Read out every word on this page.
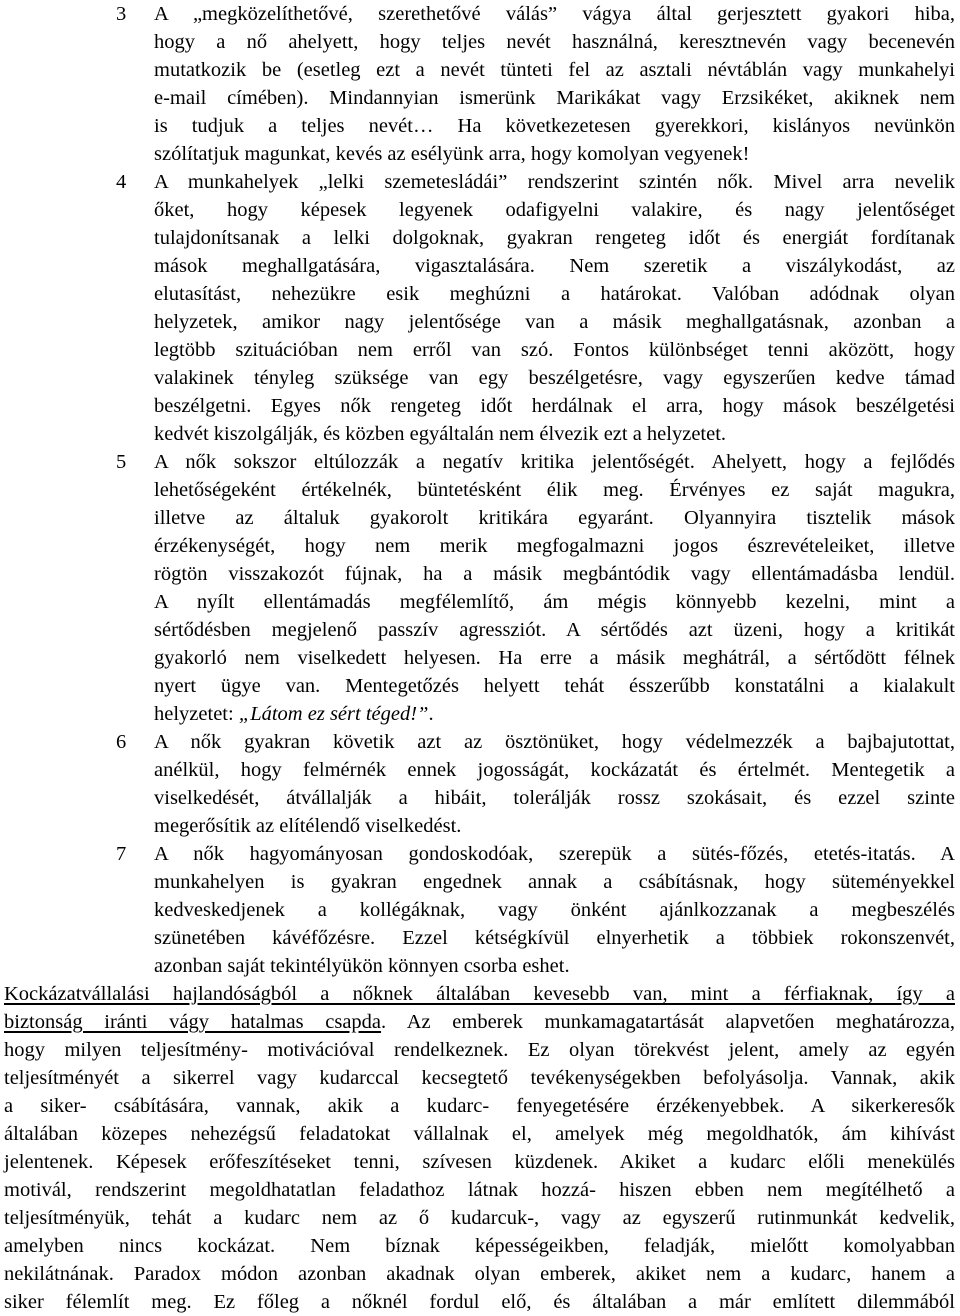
3 A „megközelíthetővé, szerethetővé válás” vágya által gerjesztett gyakori hiba,
hogy a nő ahelyett, hogy teljes nevét használná, keresztnevén vagy becenevén
mutatkozik be (esetleg ezt a nevét tünteti fel az asztali névtáblán vagy munkahelyi
e-mail címében). Mindannyian ismerünk Marikákat vagy Erzsikéket, akiknek nem
is tudjuk a teljes nevét… Ha következetesen gyerekkori, kislányos nevünkön
szólítatjuk magunkat, kevés az esélyünk arra, hogy komolyan vegyenek!
4 A munkahelyek „lelki szemetesládái” rendszerint szintén nők. Mivel arra nevelik
őket, hogy képesek legyenek odafigyelni valakire, és nagy jelentőséget
tulajdonítsanak a lelki dolgoknak, gyakran rengeteg időt és energiát fordítanak
mások meghallgatására, vigasztalására. Nem szeretik a viszálykodást, az
elutasítást, nehezükre esik meghúzni a határokat. Valóban adódnak olyan
helyzetek, amikor nagy jelentősége van a másik meghallgatásnak, azonban a
legtöbb szituációban nem erről van szó. Fontos különbséget tenni aközött, hogy
valakinek tényleg szüksége van egy beszélgetésre, vagy egyszerűen kedve támad
beszélgetni. Egyes nők rengeteg időt herdálnak el arra, hogy mások beszélgetési
kedvét kiszolgálják, és közben egyáltalán nem élvezik ezt a helyzetet.
5 A nők sokszor eltúlozzák a negatív kritika jelentőségét. Ahelyett, hogy a fejlődés
lehetőségeként értékelnék, büntetésként élik meg. Érvényes ez saját magukra,
illetve az általuk gyakorolt kritikára egyaránt. Olyannyira tisztelik mások
érzékenységét, hogy nem merik megfogalmazni jogos észrevételeiket, illetve
rögtön visszakozót fújnak, ha a másik megbántódik vagy ellentámadásba lendül.
A nyílt ellentámadás megfélemlítő, ám mégis könnyebb kezelni, mint a
sértődésben megjelenő passzív agressziót. A sértődés azt üzeni, hogy a kritikát
gyakorló nem viselkedett helyesen. Ha erre a másik meghátrál, a sértődött félnek
nyert ügye van. Mentegetőzés helyett tehát ésszerűbb konstatálni a kialakult
helyzetet: „Látom ez sért téged!”.
6 A nők gyakran követik azt az ösztönüket, hogy védelmezzék a bajbajutottat,
anélkül, hogy felmérnék ennek jogosságát, kockázatát és értelmét. Mentegetik a
viselkedését, átvállalják a hibáit, tolerálják rossz szokásait, és ezzel szinte
megerősítik az elítélendő viselkedést.
7 A nők hagyományosan gondoskodóak, szerepük a sütés-főzés, etetés-itatás. A
munkahelyen is gyakran engednek annak a csábításnak, hogy süteményekkel
kedveskedjenek a kollégáknak, vagy önként ajánlkozzanak a megbeszélés
szünetében kávéfőzésre. Ezzel kétségkívül elnyerhetik a többiek rokonszenvét,
azonban saját tekintélyükön könnyen csorba eshet.
Kockázatvállalási hajlandóságból a nőknek általában kevesebb van, mint a férfiaknak, így a
biztonság iránti vágy hatalmas csapda. Az emberek munkamagatartását alapvetően meghatározza,
hogy milyen teljesítmény- motivációval rendelkeznek. Ez olyan törekvést jelent, amely az egyén
teljesítményét a sikerrel vagy kudarccal kecsegtető tevékenységekben befolyásolja. Vannak, akik
a siker- csábítására, vannak, akik a kudarc- fenyegetésére érzékenyebbek. A sikerkeresők
általában közepes nehezégsű feladatokat vállalnak el, amelyek még megoldhatók, ám kihívást
jelentenek. Képesek erőfeszítéseket tenni, szívesen küzdenek. Akiket a kudarc előli menekülés
motivál, rendszerint megoldhatatlan feladathoz látnak hozzá- hiszen ebben nem megítélhető a
teljesítményük, tehát a kudarc nem az ő kudarcuk-, vagy az egyszerű rutinmunkát kedvelik,
amelyben nincs kockázat. Nem bíznak képességeikben, feladják, mielőtt komolyabban
nekilátnának. Paradox módon azonban akadnak olyan emberek, akiket nem a kudarc, hanem a
siker félemlít meg. Ez főleg a nőknél fordul elő, és általában a már említett dilemmából
